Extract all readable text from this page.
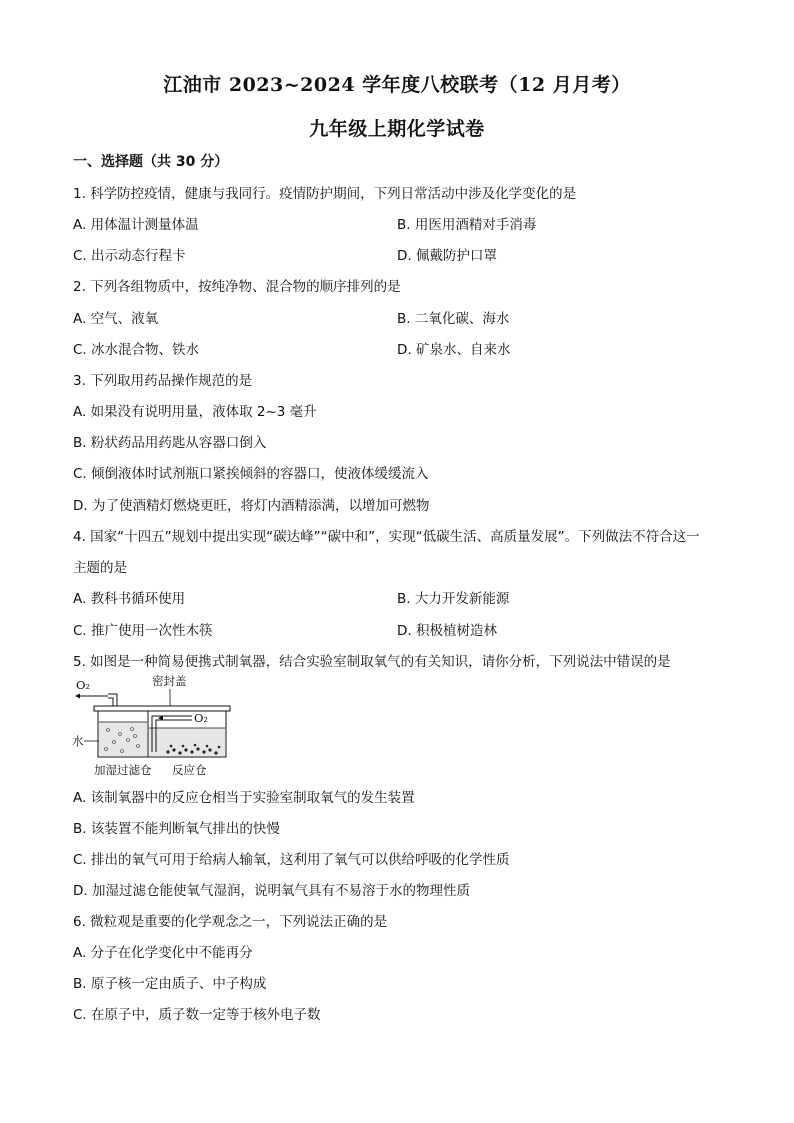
江油市 2023~2024 学年度八校联考（12 月月考）
九年级上期化学试卷
一、选择题（共 30 分）
1. 科学防控疫情，健康与我同行。疫情防护期间，下列日常活动中涉及化学变化的是
A. 用体温计测量体温	B. 用医用酒精对手消毒
C. 出示动态行程卡	D. 佩戴防护口罩
2. 下列各组物质中，按纯净物、混合物的顺序排列的是
A. 空气、液氧	B. 二氧化碳、海水
C. 冰水混合物、铁水	D. 矿泉水、自来水
3. 下列取用药品操作规范的是
A. 如果没有说明用量，液体取 2~3 毫升
B. 粉状药品用药匙从容器口倒入
C. 倾倒液体时试剂瓶口紧挨倾斜的容器口，使液体缓缓流入
D. 为了使酒精灯燃烧更旺，将灯内酒精添满，以增加可燃物
4. 国家“十四五”规划中提出实现“碳达峰”“碳中和”，实现“低碳生活、高质量发展”。下列做法不符合这一
主题的是
A. 教科书循环使用	B. 大力开发新能源
C. 推广使用一次性木筷	D. 积极植树造林
5. 如图是一种简易便携式制氧器，结合实验室制取氧气的有关知识，请你分析，下列说法中错误的是
O₂	密封盖
O₂
水
加湿过滤仓 反应仓
A. 该制氧器中的反应仓相当于实验室制取氧气的发生装置
B. 该装置不能判断氧气排出的快慢
C. 排出的氧气可用于给病人输氧，这利用了氧气可以供给呼吸的化学性质
D. 加湿过滤仓能使氧气湿润，说明氧气具有不易溶于水的物理性质
6. 微粒观是重要的化学观念之一，下列说法正确的是
A. 分子在化学变化中不能再分
B. 原子核一定由质子、中子构成
C. 在原子中，质子数一定等于核外电子数
